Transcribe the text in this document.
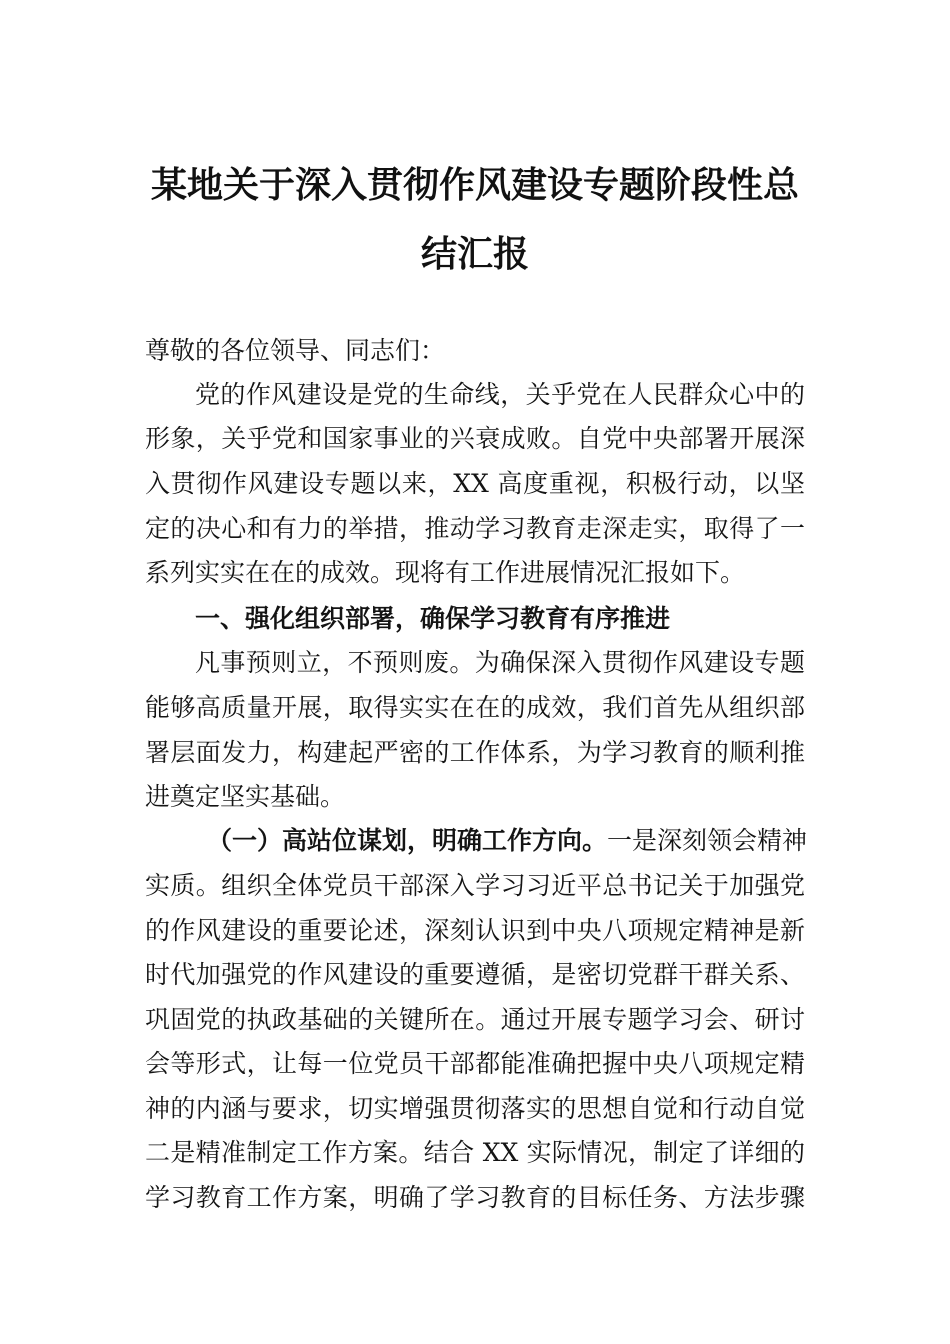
某地关于深入贯彻作风建设专题阶段性总
结汇报
尊敬的各位领导、同志们：
党的作风建设是党的生命线，关乎党在人民群众心中的
形象，关乎党和国家事业的兴衰成败。自党中央部署开展深
入贯彻作风建设专题以来，XX 高度重视，积极行动，以坚
定的决心和有力的举措，推动学习教育走深走实，取得了一
系列实实在在的成效。现将有工作进展情况汇报如下。
一、强化组织部署，确保学习教育有序推进
凡事预则立，不预则废。为确保深入贯彻作风建设专题
能够高质量开展，取得实实在在的成效，我们首先从组织部
署层面发力，构建起严密的工作体系，为学习教育的顺利推
进奠定坚实基础。
（一）高站位谋划，明确工作方向。一是深刻领会精神
实质。组织全体党员干部深入学习习近平总书记关于加强党
的作风建设的重要论述，深刻认识到中央八项规定精神是新
时代加强党的作风建设的重要遵循，是密切党群干群关系、
巩固党的执政基础的关键所在。通过开展专题学习会、研讨
会等形式，让每一位党员干部都能准确把握中央八项规定精
神的内涵与要求，切实增强贯彻落实的思想自觉和行动自觉
二是精准制定工作方案。结合 XX 实际情况，制定了详细的
学习教育工作方案，明确了学习教育的目标任务、方法步骤
